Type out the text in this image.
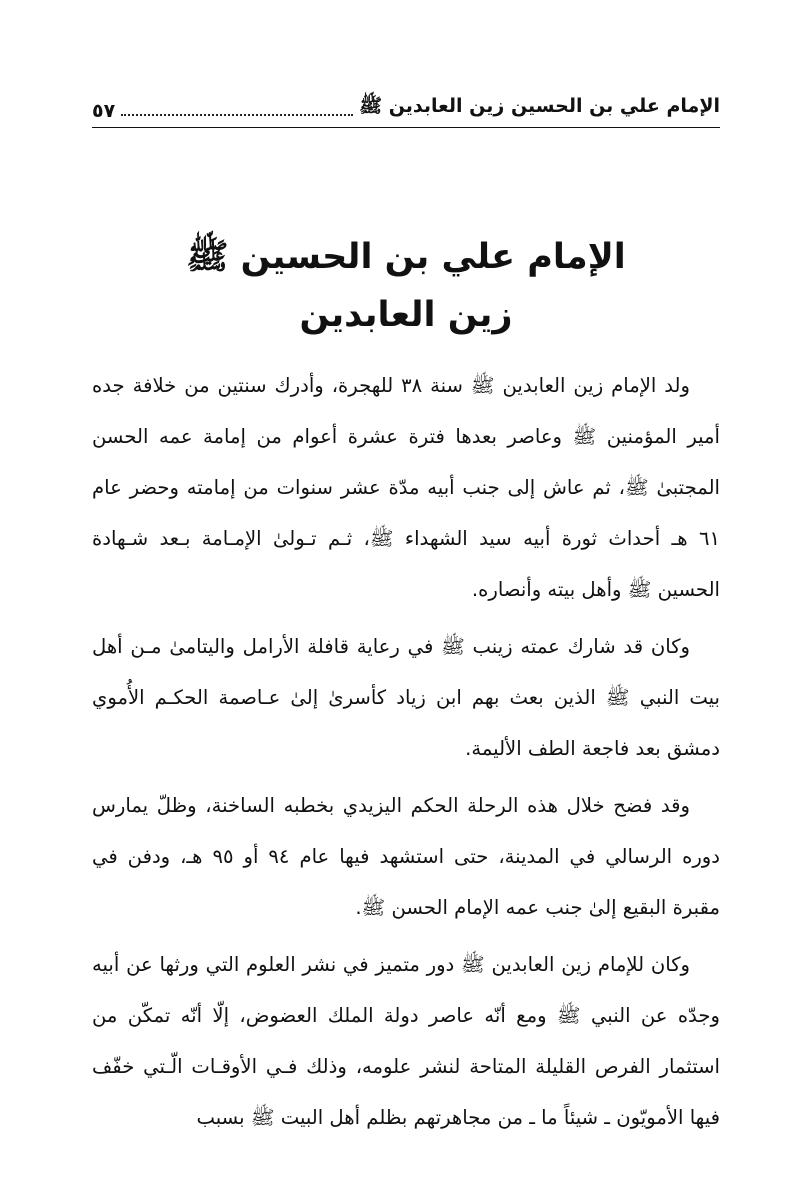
الإمام علي بن الحسين زين العابدين ﷺ
٥٧
الإمام علي بن الحسين ﷺ
زين العابدين

ولد الإمام زين العابدين ﷺ سنة ٣٨ للهجرة، وأدرك سنتين من خلافة جده أمير المؤمنين ﷺ وعاصر بعدها فترة عشرة أعوام من إمامة عمه الحسن المجتبىٰ ﷺ، ثم عاش إلى جنب أبيه مدّة عشر سنوات من إمامته وحضر عام ٦١ هـ أحداث ثورة أبيه سيد الشهداء ﷺ، ثـم تـولىٰ الإمـامة بـعد شـهادة الحسين ﷺ وأهل بيته وأنصاره.

وكان قد شارك عمته زينب ﷺ في رعاية قافلة الأرامل واليتامىٰ مـن أهل بيت النبي ﷺ الذين بعث بهم ابن زياد كأسرىٰ إلىٰ عـاصمة الحكـم الأُموي دمشق بعد فاجعة الطف الأليمة.

وقد فضح خلال هذه الرحلة الحكم اليزيدي بخطبه الساخنة، وظلّ يمارس دوره الرسالي في المدينة، حتى استشهد فيها عام ٩٤ أو ٩٥ هـ، ودفن في مقبرة البقيع إلىٰ جنب عمه الإمام الحسن ﷺ.

وكان للإمام زين العابدين ﷺ دور متميز في نشر العلوم التي ورثها عن أبيه وجدّه عن النبي ﷺ ومع أنّه عاصر دولة الملك العضوض، إلّا أنّه تمكّن من استثمار الفرص القليلة المتاحة لنشر علومه، وذلك فـي الأوقـات الّـتي خفّف فيها الأمويّون ـ شيئاً ما ـ من مجاهرتهم بظلم أهل البيت ﷺ بسبب
